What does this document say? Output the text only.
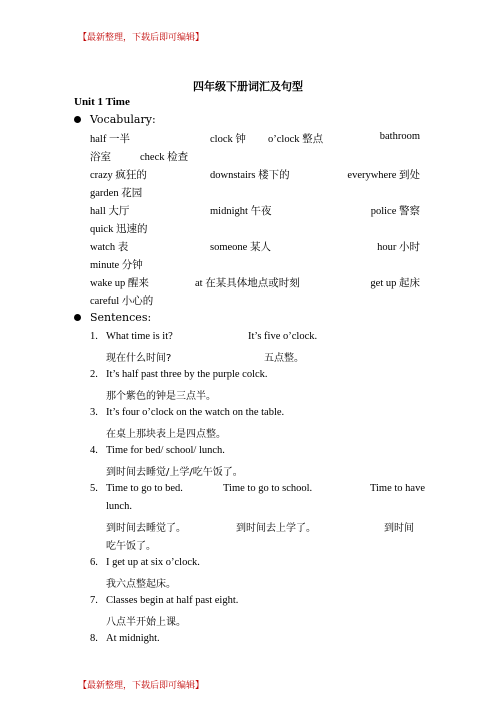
【最新整理，下载后即可编辑】
四年级下册词汇及句型
Unit 1 Time
Vocabulary:
half 一半	clock 钟 o’clock 整点	bathroom
浴室	check 检查
crazy 疯狂的	downstairs 楼下的	everywhere 到处
garden 花园
hall 大厅	midnight 午夜	police 警察
quick 迅速的
watch 表	someone 某人	hour 小时
minute 分钟
wake up 醒来	at 在某具体地点或时刻	get up 起床
careful 小心的
Sentences:
1. What time is it?	It’s five o’clock.
现在什么时间?	五点整。
2. It’s half past three by the purple colck.
那个紫色的钟是三点半。
3. It’s four o’clock on the watch on the table.
在桌上那块表上是四点整。
4. Time for bed/ school/ lunch.
到时间去睡觉/上学/吃午饭了。
5. Time to go to bed.	Time to go to school.	Time to have
lunch.
到时间去睡觉了。	到时间去上学了。	到时间
吃午饭了。
6. I get up at six o’clock.
我六点整起床。
7. Classes begin at half past eight.
八点半开始上课。
8. At midnight.
【最新整理，下载后即可编辑】
